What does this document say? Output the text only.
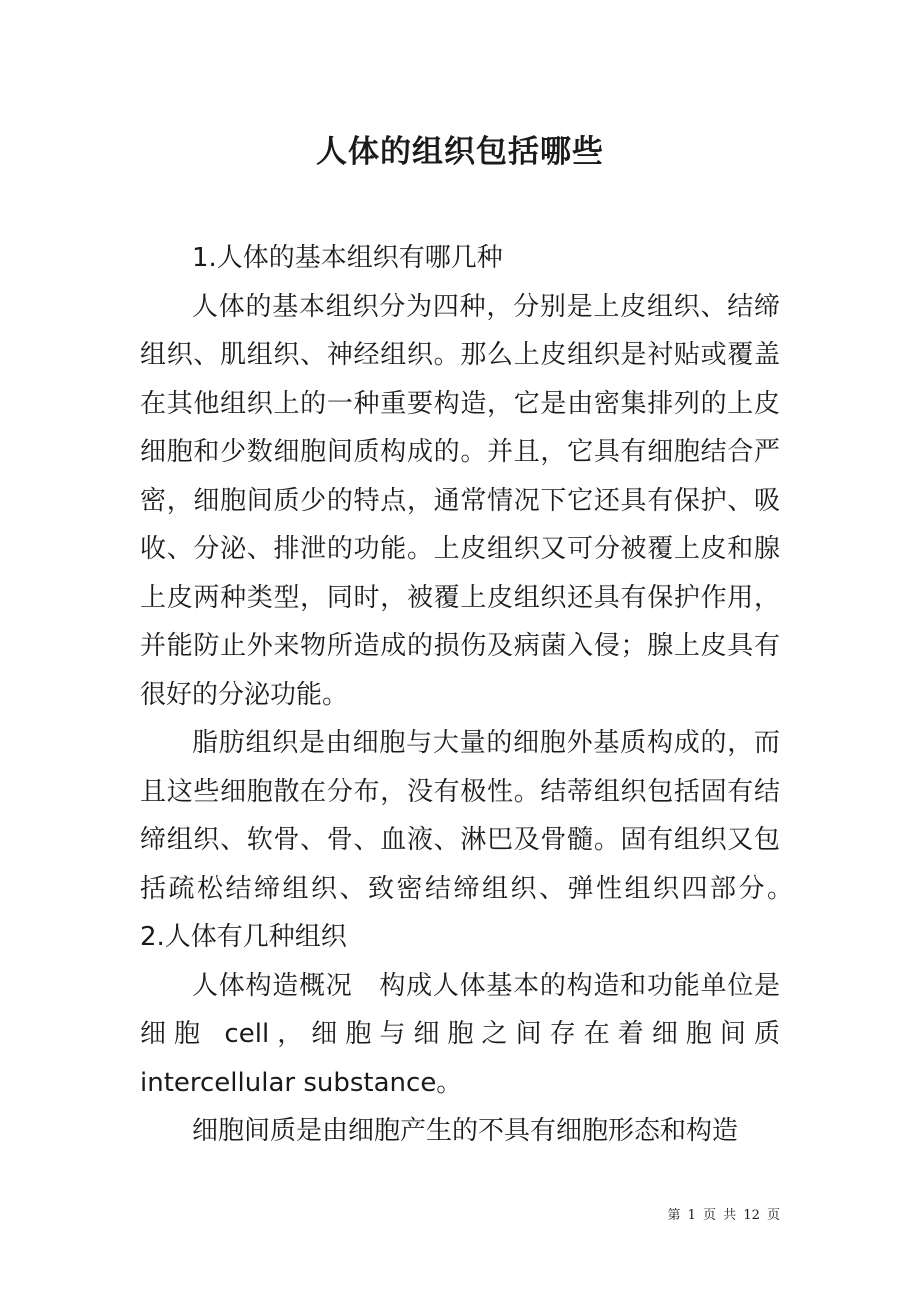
人体的组织包括哪些

1.人体的基本组织有哪几种

人体的基本组织分为四种，分别是上皮组织、结缔组织、肌组织、神经组织。那么上皮组织是衬贴或覆盖在其他组织上的一种重要构造，它是由密集排列的上皮细胞和少数细胞间质构成的。并且，它具有细胞结合严密，细胞间质少的特点，通常情况下它还具有保护、吸收、分泌、排泄的功能。上皮组织又可分被覆上皮和腺上皮两种类型，同时，被覆上皮组织还具有保护作用，并能防止外来物所造成的损伤及病菌入侵；腺上皮具有很好的分泌功能。

脂肪组织是由细胞与大量的细胞外基质构成的，而且这些细胞散在分布，没有极性。结蒂组织包括固有结缔组织、软骨、骨、血液、淋巴及骨髓。固有组织又包括疏松结缔组织、致密结缔组织、弹性组织四部分。　　2.人体有几种组织

人体构造概况　构成人体基本的构造和功能单位是细胞 cell，细胞与细胞之间存在着细胞间质 intercellular substance。

细胞间质是由细胞产生的不具有细胞形态和构造

第 1 页 共 12 页
